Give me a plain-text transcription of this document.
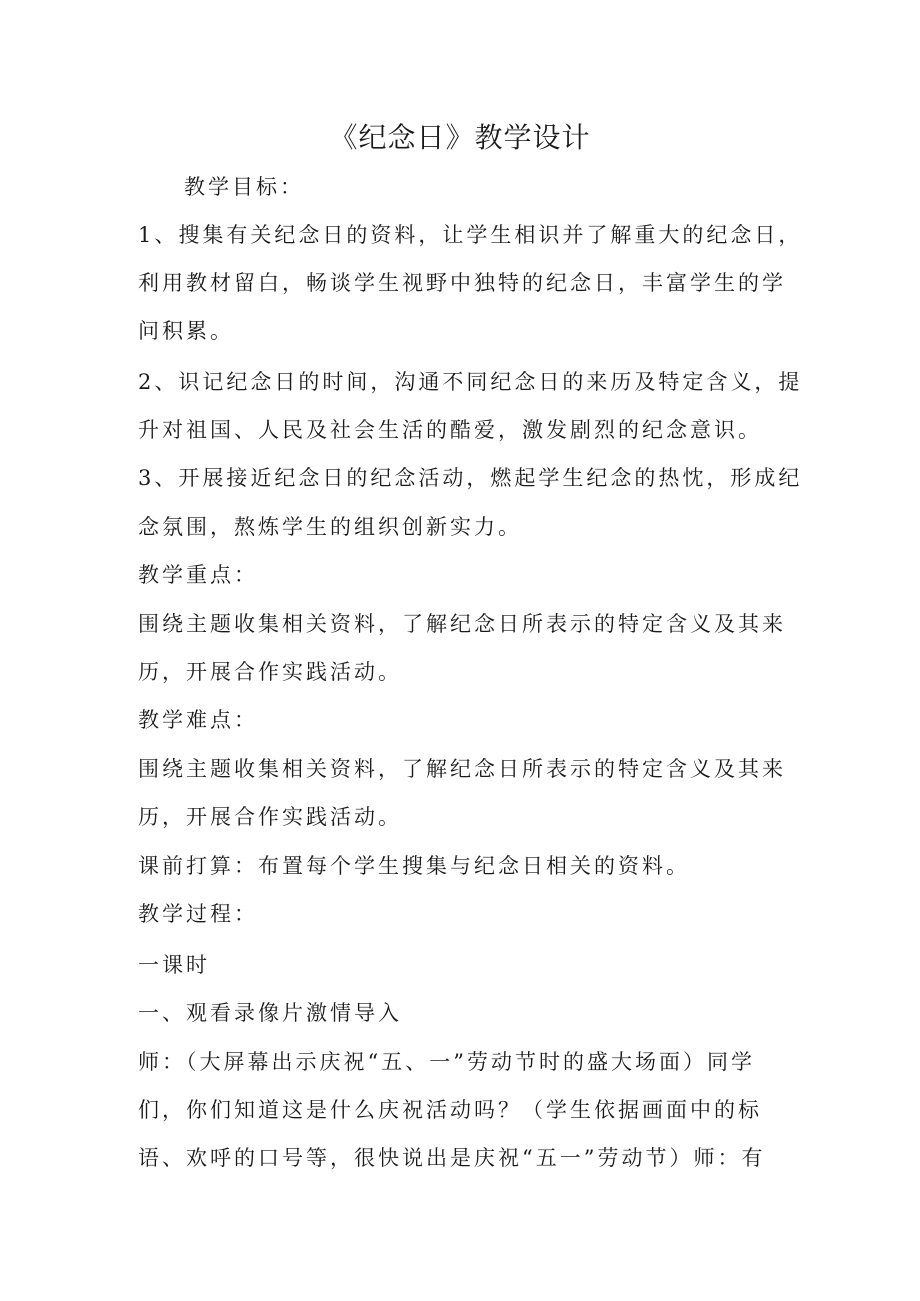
《纪念日》教学设计
教学目标：
1、搜集有关纪念日的资料，让学生相识并了解重大的纪念日，
利用教材留白，畅谈学生视野中独特的纪念日，丰富学生的学
问积累。
2、识记纪念日的时间，沟通不同纪念日的来历及特定含义，提
升对祖国、人民及社会生活的酷爱，激发剧烈的纪念意识。
3、开展接近纪念日的纪念活动，燃起学生纪念的热忱，形成纪
念氛围，熬炼学生的组织创新实力。
教学重点：
围绕主题收集相关资料，了解纪念日所表示的特定含义及其来
历，开展合作实践活动。
教学难点：
围绕主题收集相关资料，了解纪念日所表示的特定含义及其来
历，开展合作实践活动。
课前打算：布置每个学生搜集与纪念日相关的资料。
教学过程：
一课时
一、观看录像片激情导入
师：（大屏幕出示庆祝“五、一”劳动节时的盛大场面）同学
们，你们知道这是什么庆祝活动吗？（学生依据画面中的标
语、欢呼的口号等，很快说出是庆祝“五一”劳动节）师：有
